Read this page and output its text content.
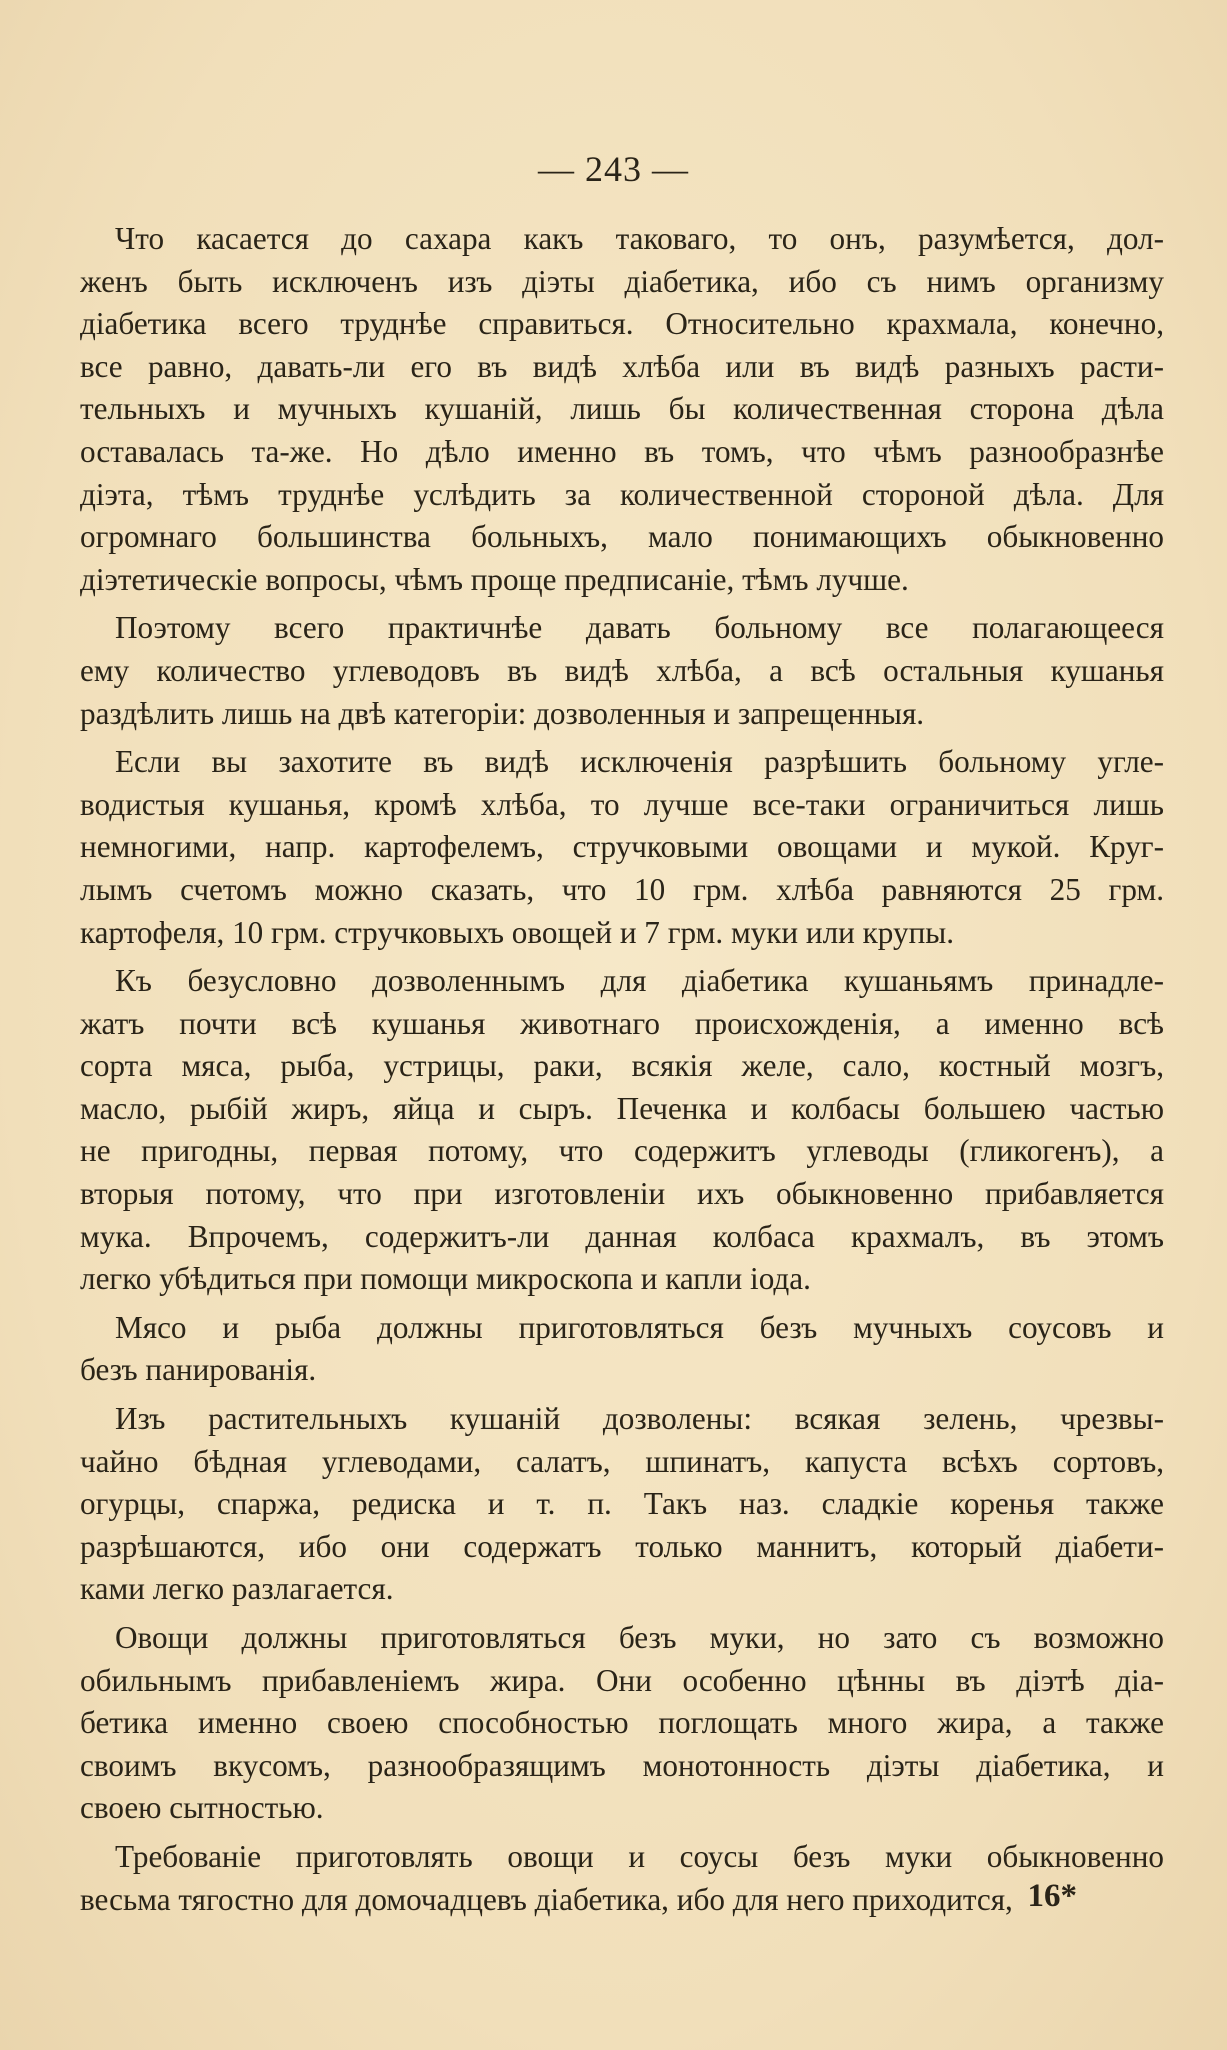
— 243 —
Что касается до сахара какъ таковаго, то онъ, разумѣется, дол-
женъ быть исключенъ изъ діэты діабетика, ибо съ нимъ организму
діабетика всего труднѣе справиться. Относительно крахмала, конечно,
все равно, давать-ли его въ видѣ хлѣба или въ видѣ разныхъ расти-
тельныхъ и мучныхъ кушаній, лишь бы количественная сторона дѣла
оставалась та-же. Но дѣло именно въ томъ, что чѣмъ разнообразнѣе
діэта, тѣмъ труднѣе услѣдить за количественной стороной дѣла. Для
огромнаго большинства больныхъ, мало понимающихъ обыкновенно
діэтетическіе вопросы, чѣмъ проще предписаніе, тѣмъ лучше.
Поэтому всего практичнѣе давать больному все полагающееся
ему количество углеводовъ въ видѣ хлѣба, а всѣ остальныя кушанья
раздѣлить лишь на двѣ категоріи: дозволенныя и запрещенныя.
Если вы захотите въ видѣ исключенія разрѣшить больному угле-
водистыя кушанья, кромѣ хлѣба, то лучше все-таки ограничиться лишь
немногими, напр. картофелемъ, стручковыми овощами и мукой. Круг-
лымъ счетомъ можно сказать, что 10 грм. хлѣба равняются 25 грм.
картофеля, 10 грм. стручковыхъ овощей и 7 грм. муки или крупы.
Къ безусловно дозволеннымъ для діабетика кушаньямъ принадле-
жатъ почти всѣ кушанья животнаго происхожденія, а именно всѣ
сорта мяса, рыба, устрицы, раки, всякія желе, сало, костный мозгъ,
масло, рыбій жиръ, яйца и сыръ. Печенка и колбасы большею частью
не пригодны, первая потому, что содержитъ углеводы (гликогенъ), а
вторыя потому, что при изготовленіи ихъ обыкновенно прибавляется
мука. Впрочемъ, содержитъ-ли данная колбаса крахмалъ, въ этомъ
легко убѣдиться при помощи микроскопа и капли іода.
Мясо и рыба должны приготовляться безъ мучныхъ соусовъ и
безъ панированія.
Изъ растительныхъ кушаній дозволены: всякая зелень, чрезвы-
чайно бѣдная углеводами, салатъ, шпинатъ, капуста всѣхъ сортовъ,
огурцы, спаржа, редиска и т. п. Такъ наз. сладкіе коренья также
разрѣшаются, ибо они содержатъ только маннитъ, который діабети-
ками легко разлагается.
Овощи должны приготовляться безъ муки, но зато съ возможно
обильнымъ прибавленіемъ жира. Они особенно цѣнны въ діэтѣ діа-
бетика именно своею способностью поглощать много жира, а также
своимъ вкусомъ, разнообразящимъ монотонность діэты діабетика, и
своею сытностью.
Требованіе приготовлять овощи и соусы безъ муки обыкновенно
весьма тягостно для домочадцевъ діабетика, ибо для него приходится, 16*
